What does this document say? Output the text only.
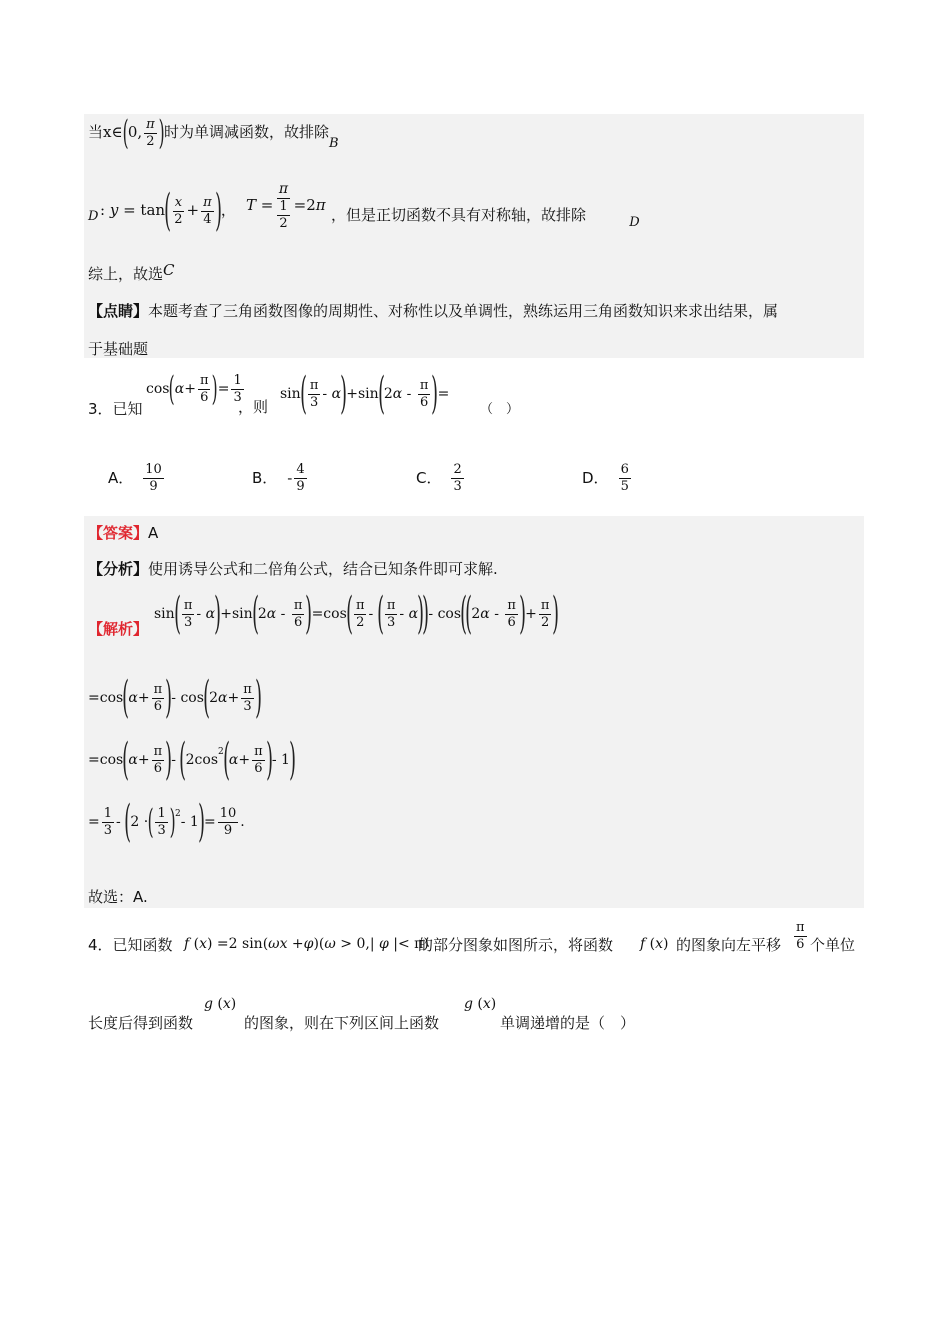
当x∈(0, $\frac{\pi}{2}$ )时为单调减函数，故排除B
D : $y = \tan( \frac{x}{2} + \frac{\pi}{4}$ )， $T = \frac{\pi}{\frac{1}{2}} =2\pi$
，但是正切函数不具有对称轴，故排除	D
综上，故选C
【点睛】本题考查了三角函数图像的周期性、对称性以及单调性，熟练运用三角函数知识来求出结果，属
于基础题
3．已知
$\cos(\alpha+ \frac{\pi}{6}$ )= $\frac{1}{3}$
，则
$\sin( \frac{\pi}{3} - \alpha)+\sin(2\alpha - \frac{\pi}{6}$ )=
（　）
A． $\frac{10}{9}$	B． - $\frac{4}{9}$	C． $\frac{2}{3}$	D． $\frac{6}{5}$
【答案】A
【分析】使用诱导公式和二倍角公式，结合已知条件即可求解.
【解析】
$\sin( \frac{\pi}{3} - \alpha)+\sin(2\alpha - \frac{\pi}{6} )=\cos( \frac{\pi}{2}$ - ( $\frac{\pi}{3} - \alpha))-$ $\cos((2\alpha - \frac{\pi}{6}$ )+ $\frac{\pi}{2}$ )
$=\cos(\alpha+ \frac{\pi}{6}$ )- $\cos(2\alpha+ \frac{\pi}{3}$ )
$=\cos(\alpha+ \frac{\pi}{6}$ )- ($2\cos^2(\alpha+ \frac{\pi}{6}$ )- 1)
= $\frac{1}{3} - (2$ ·( $\frac{1}{3} )^2-$ $1)= \frac{10}{9}$ .
故选：A.
4．已知函数 f (x) =2 sin(ωx +φ)(ω > 0,| φ |< π)
的部分图象如图所示，将函数 f (x) 的图象向左平移 $\frac{\pi}{6}$ 个单位
长度后得到函数
g (x)
的图象，则在下列区间上函数
g (x)
单调递增的是（　）
